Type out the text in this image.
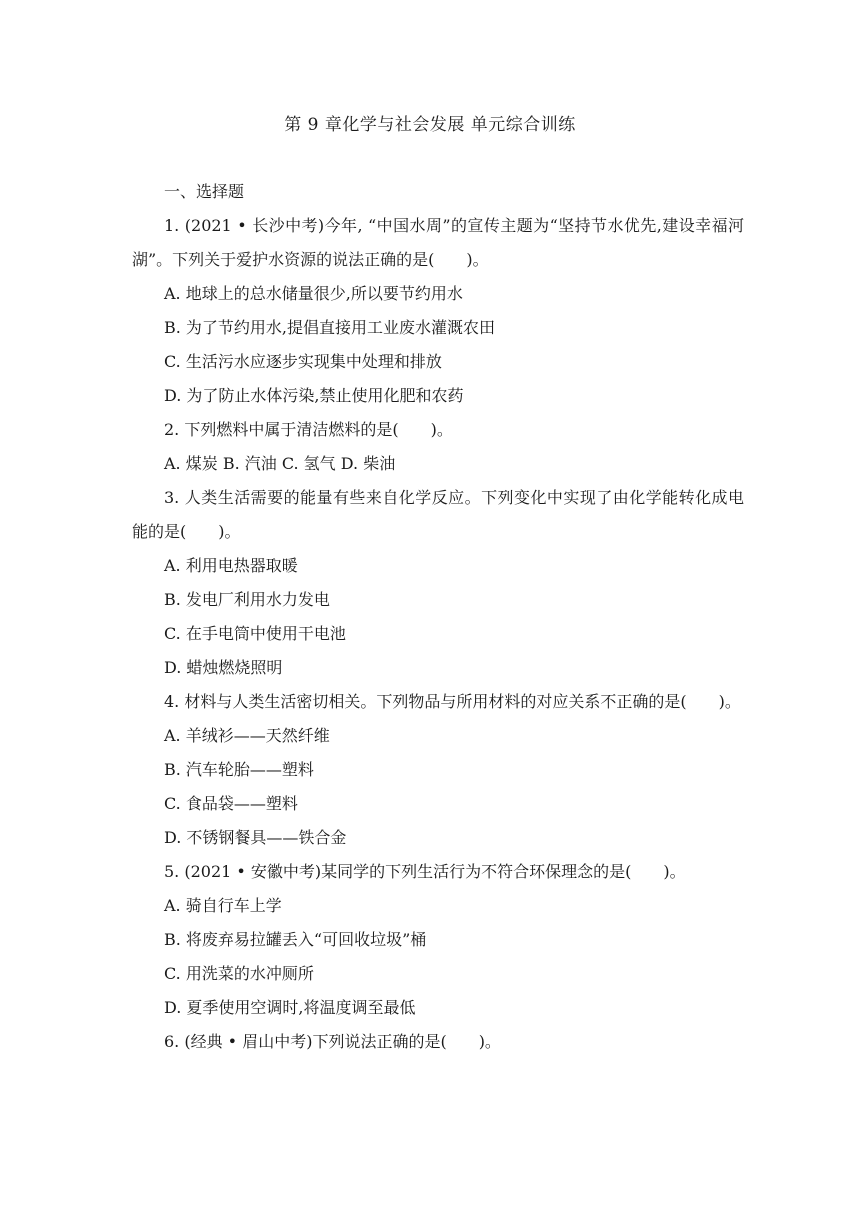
第 9 章化学与社会发展 单元综合训练

一、选择题

1. (2021 • 长沙中考)今年, “中国水周”的宣传主题为“坚持节水优先,建设幸福河湖”。下列关于爱护水资源的说法正确的是(　　)。

A. 地球上的总水储量很少,所以要节约用水

B. 为了节约用水,提倡直接用工业废水灌溉农田

C. 生活污水应逐步实现集中处理和排放

D. 为了防止水体污染,禁止使用化肥和农药

2. 下列燃料中属于清洁燃料的是(　　)。

A. 煤炭 B. 汽油 C. 氢气 D. 柴油

3. 人类生活需要的能量有些来自化学反应。下列变化中实现了由化学能转化成电能的是(　　)。

A. 利用电热器取暖

B. 发电厂利用水力发电

C. 在手电筒中使用干电池

D. 蜡烛燃烧照明

4. 材料与人类生活密切相关。下列物品与所用材料的对应关系不正确的是(　　)。

A. 羊绒衫——天然纤维

B. 汽车轮胎——塑料

C. 食品袋——塑料

D. 不锈钢餐具——铁合金

5. (2021 • 安徽中考)某同学的下列生活行为不符合环保理念的是(　　)。

A. 骑自行车上学

B. 将废弃易拉罐丢入“可回收垃圾”桶

C. 用洗菜的水冲厕所

D. 夏季使用空调时,将温度调至最低

6. (经典 • 眉山中考)下列说法正确的是(　　)。
